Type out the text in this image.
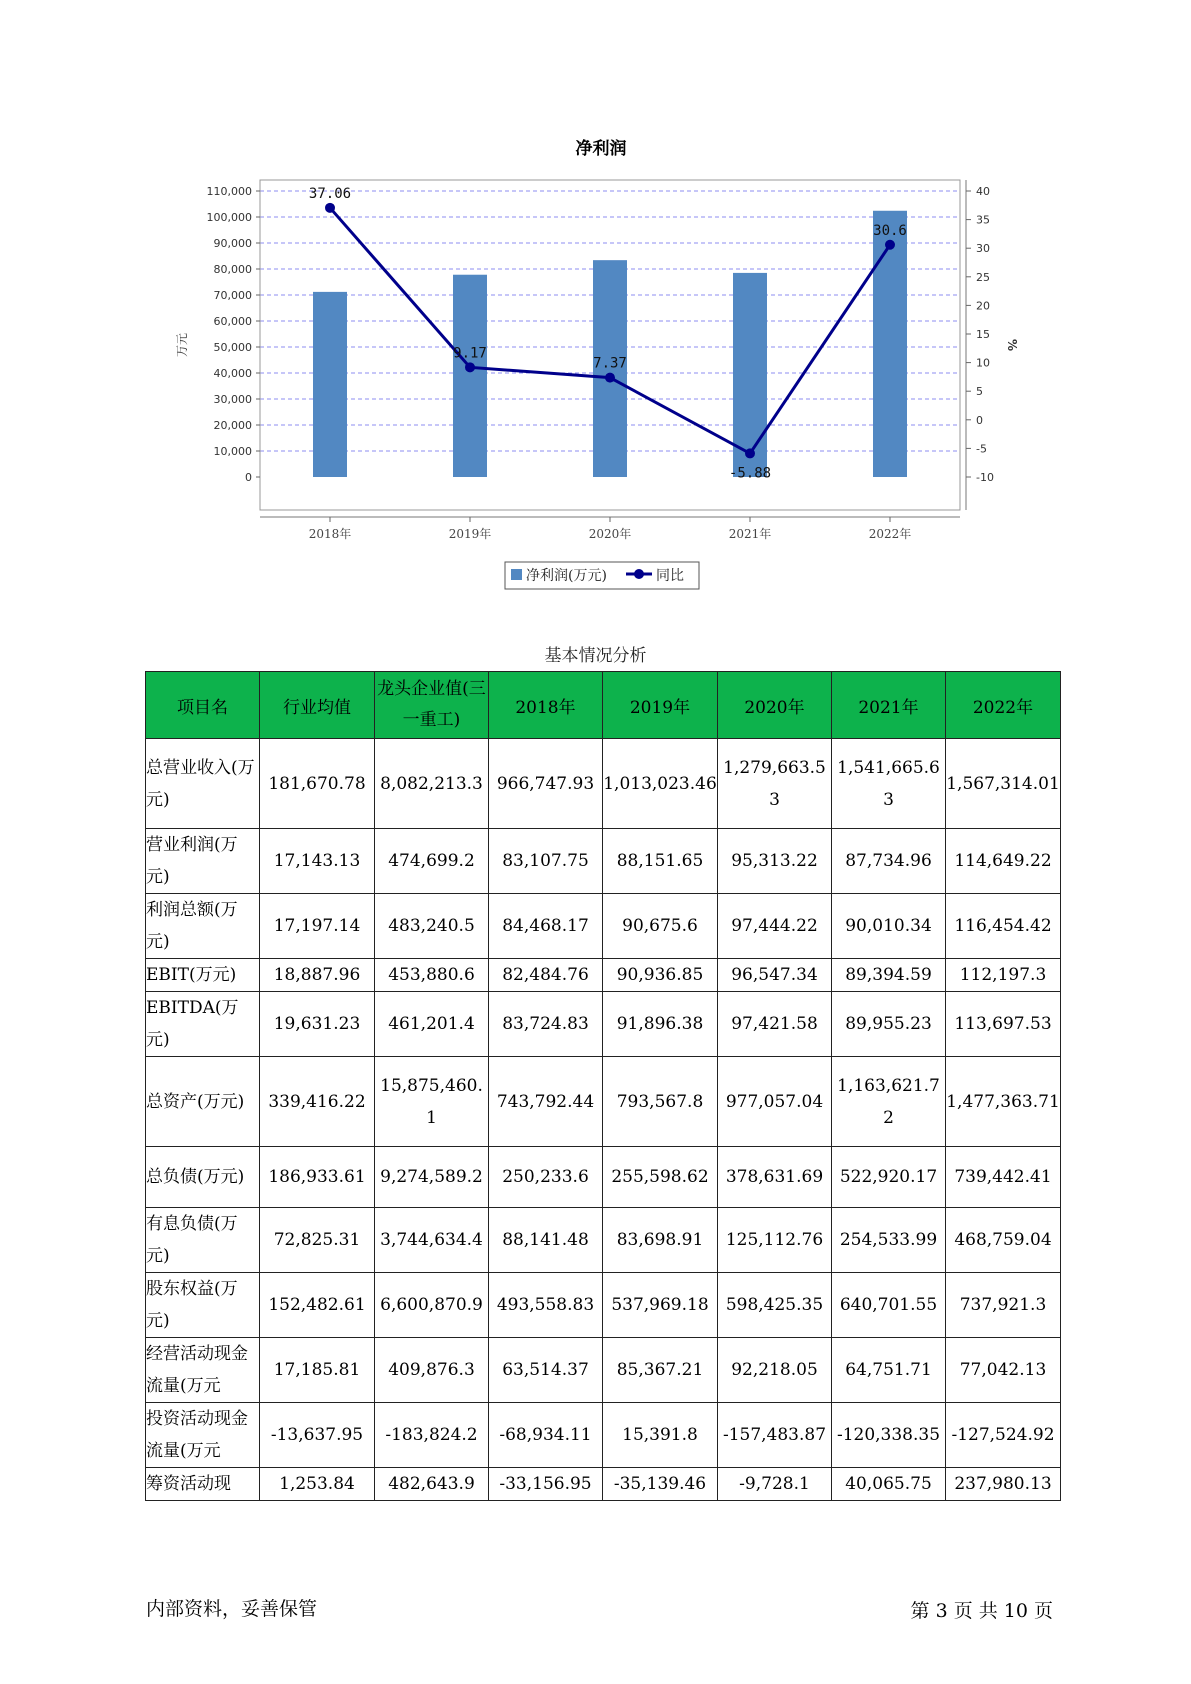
净利润
37.06
9.17
7.37
-5.88
30.6
0
10,000
20,000
30,000
40,000
50,000
60,000
70,000
80,000
90,000
100,000
110,000
-10
-5
0
5
10
15
20
25
30
35
40
2018年	2019年	2020年	2021年	2022年
万元	%
净利润(万元)	同比
基本情况分析
项目名	行业均值	龙头企业值(三一重工)	2018年	2019年	2020年	2021年	2022年

总营业收入(万元)	181,670.78	8,082,213.3	966,747.93	1,013,023.46	1,279,663.53	1,541,665.63	1,567,314.01

营业利润(万元)	17,143.13	474,699.2	83,107.75	88,151.65	95,313.22	87,734.96	114,649.22

利润总额(万元)	17,197.14	483,240.5	84,468.17	90,675.6	97,444.22	90,010.34	116,454.42

EBIT(万元)	18,887.96	453,880.6	82,484.76	90,936.85	96,547.34	89,394.59	112,197.3

EBITDA(万元)	19,631.23	461,201.4	83,724.83	91,896.38	97,421.58	89,955.23	113,697.53

总资产(万元)	339,416.22	15,875,460.1	743,792.44	793,567.8	977,057.04	1,163,621.72	1,477,363.71

总负债(万元)	186,933.61	9,274,589.2	250,233.6	255,598.62	378,631.69	522,920.17	739,442.41

有息负债(万元)	72,825.31	3,744,634.4	88,141.48	83,698.91	125,112.76	254,533.99	468,759.04

股东权益(万元)	152,482.61	6,600,870.9	493,558.83	537,969.18	598,425.35	640,701.55	737,921.3

经营活动现金流量(万元	17,185.81	409,876.3	63,514.37	85,367.21	92,218.05	64,751.71	77,042.13

投资活动现金流量(万元	-13,637.95	-183,824.2	-68,934.11	15,391.8	-157,483.87	-120,338.35	-127,524.92

筹资活动现	1,253.84	482,643.9	-33,156.95	-35,139.46	-9,728.1	40,065.75	237,980.13
内部资料，妥善保管	第 3 页 共 10 页
